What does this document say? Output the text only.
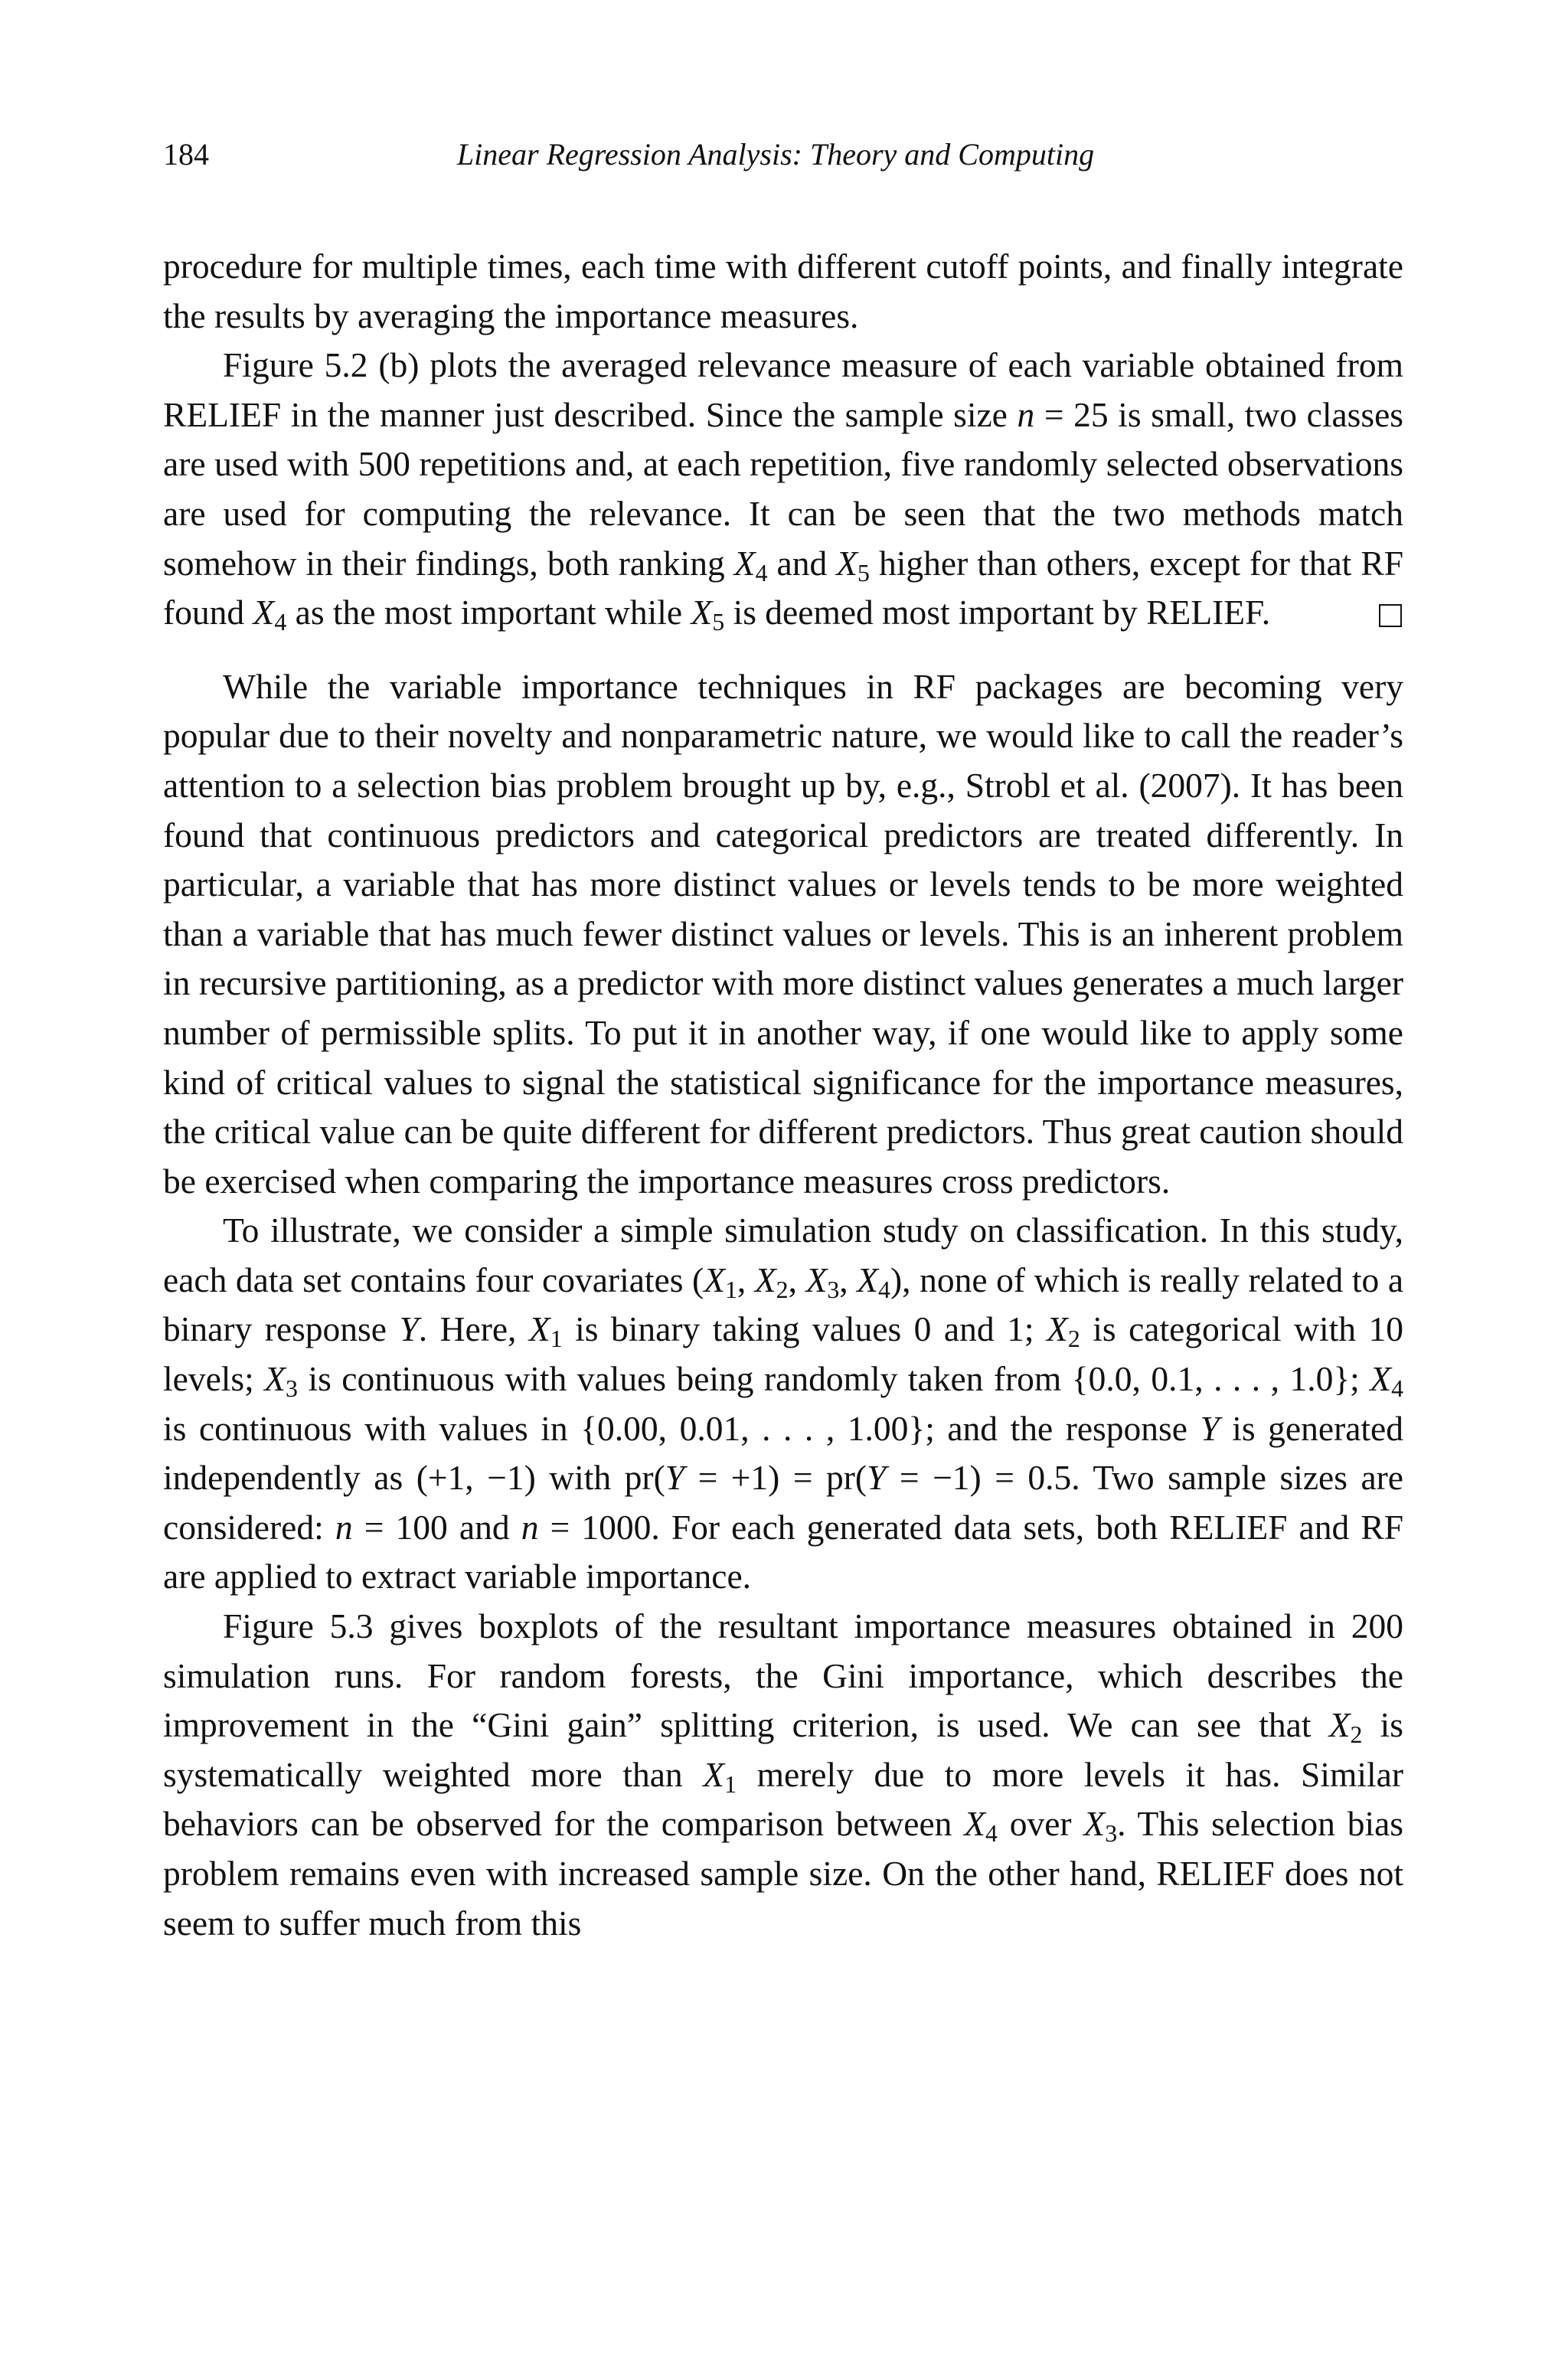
184	Linear Regression Analysis: Theory and Computing

procedure for multiple times, each time with different cutoff points, and finally integrate the results by averaging the importance measures.

Figure 5.2 (b) plots the averaged relevance measure of each variable obtained from RELIEF in the manner just described. Since the sample size n = 25 is small, two classes are used with 500 repetitions and, at each repetition, five randomly selected observations are used for computing the relevance. It can be seen that the two methods match somehow in their findings, both ranking $X_4$ and $X_5$ higher than others, except for that RF found $X_4$ as the most important while $X_5$ is deemed most important by RELIEF.

While the variable importance techniques in RF packages are becoming very popular due to their novelty and nonparametric nature, we would like to call the reader’s attention to a selection bias problem brought up by, e.g., Strobl et al. (2007). It has been found that continuous predictors and categorical predictors are treated differently. In particular, a variable that has more distinct values or levels tends to be more weighted than a variable that has much fewer distinct values or levels. This is an inherent problem in recursive partitioning, as a predictor with more distinct values generates a much larger number of permissible splits. To put it in another way, if one would like to apply some kind of critical values to signal the statistical significance for the importance measures, the critical value can be quite different for different predictors. Thus great caution should be exercised when comparing the importance measures cross predictors.

To illustrate, we consider a simple simulation study on classification. In this study, each data set contains four covariates ($X_1$, $X_2$, $X_3$, $X_4$), none of which is really related to a binary response Y. Here, $X_1$ is binary taking values 0 and 1; $X_2$ is categorical with 10 levels; $X_3$ is continuous with values being randomly taken from {0.0, 0.1, . . . , 1.0}; $X_4$ is continuous with values in {0.00, 0.01, . . . , 1.00}; and the response Y is generated independently as (+1, −1) with pr(Y = +1) = pr(Y = −1) = 0.5. Two sample sizes are considered: n = 100 and n = 1000. For each generated data sets, both RELIEF and RF are applied to extract variable importance.

Figure 5.3 gives boxplots of the resultant importance measures obtained in 200 simulation runs. For random forests, the Gini importance, which describes the improvement in the “Gini gain” splitting criterion, is used. We can see that $X_2$ is systematically weighted more than $X_1$ merely due to more levels it has. Similar behaviors can be observed for the comparison between $X_4$ over $X_3$. This selection bias problem remains even with increased sample size. On the other hand, RELIEF does not seem to suffer much from this
